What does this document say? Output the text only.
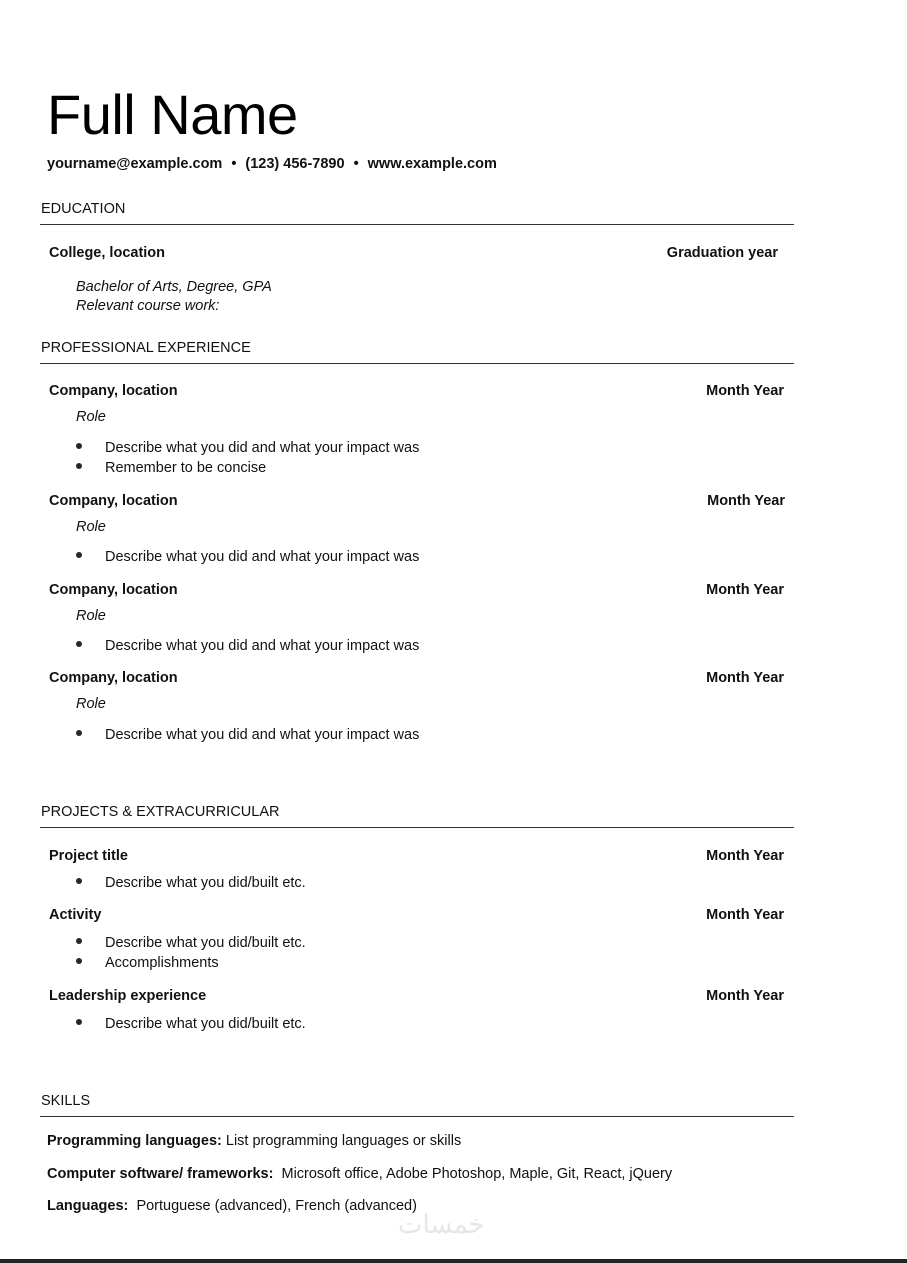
Full Name
yourname@example.com • (123) 456-7890 • www.example.com
EDUCATION
College, location	Graduation year
Bachelor of Arts, Degree, GPA
Relevant course work:
PROFESSIONAL EXPERIENCE
Company, location	Month Year
Role
Describe what you did and what your impact was
Remember to be concise
Company, location	Month Year
Role
Describe what you did and what your impact was
Company, location	Month Year
Role
Describe what you did and what your impact was
Company, location	Month Year
Role
Describe what you did and what your impact was
PROJECTS & EXTRACURRICULAR
Project title	Month Year
Describe what you did/built etc.
Activity	Month Year
Describe what you did/built etc.
Accomplishments
Leadership experience	Month Year
Describe what you did/built etc.
SKILLS
Programming languages: List programming languages or skills
Computer software/ frameworks: Microsoft office, Adobe Photoshop, Maple, Git, React, jQuery
Languages: Portuguese (advanced), French (advanced)
خمسات
